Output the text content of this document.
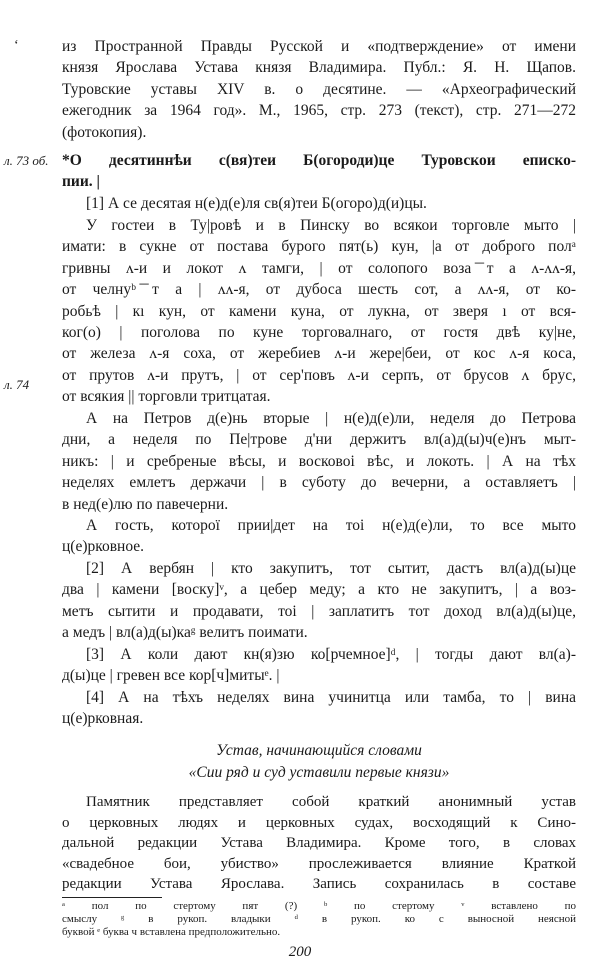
‘	из Пространной Правды Русской и «подтверждение» от имени
князя Ярослава Устава князя Владимира. Публ.: Я. Н. Щапов.
Туровские уставы XIV в. о десятине. — «Археографический
ежегодник за 1964 год». М., 1965, стр. 273 (текст), стр. 271—272
(фотокопия).
л. 73 об.
л. 74
*О десятиннѣи с(вя)теи Б(огороди)це Туровскои еписко-
пии. |
[1] А се десятая н(е)д(е)ля св(я)теи Б(огоро)д(и)цы.
У гостеи в Ту|ровѣ и в Пинску во всякои торговле мыто |
имати: в сукне от постава бурого пят(ь) кун, |а от доброго полᵃ
гривны ʌ-и и локот ʌ тамги, | от солопого воза ͞т а ʌ-ʌʌ-я,
от челнуᵇ ͞т а | ʌʌ-я, от дубоса шесть сот, а ʌʌ-я, от ко-
робьѣ | кı кун, от камени куна, от лукна, от зверя ı от вся-
ког(о) | поголова по куне торговалнаго, от гостя двѣ ку|не,
от железа ʌ-я соха, от жеребиев ʌ-и жере|беи, от кос ʌ-я коса,
от прутов ʌ-и прутъ, | от сер'повъ ʌ-и серпъ, от брусов ʌ брус,
от всякия || торговли тритцатая.
А на Петров д(е)нь вторые | н(е)д(е)ли, неделя до Петрова
дни, а неделя по Пе|трове д'ни держитъ вл(а)д(ы)ч(е)нъ мыт-
никъ: | и сребреные вѣсы, и восковоі вѣс, и локоть. | А на тѣх
неделях емлетъ держачи | в суботу до вечерни, а оставляетъ |
в нед(е)лю по павечерни.
А гость, которої прии|дет на тоі н(е)д(е)ли, то все мыто
ц(е)рковное.
[2] А вербян | кто закупитъ, тот сытит, дастъ вл(а)д(ы)це
два | камени [воску]ᵛ, а цебер меду; а кто не закупитъ, | а воз-
метъ сытити и продавати, тоі | заплатитъ тот доход вл(а)д(ы)це,
а медъ | вл(а)д(ы)каᵍ велитъ поимати.
[3] А коли дают кн(я)зю ко[рчемное]ᵈ, | тогды дают вл(а)-
д(ы)це | гревен все кор[ч]митыᵉ. |
[4] А на тѣхъ неделях вина учинитца или тамба, то | вина
ц(е)рковная.
Устав, начинающийся словами
«Сии ряд и суд уставили первые князи»
Памятник представляет собой краткий анонимный устав
о церковных людях и церковных судах, восходящий к Сино-
дальной редакции Устава Владимира. Кроме того, в словах
«свадебное бои, убиство» прослеживается влияние Краткой
редакции Устава Ярослава. Запись сохранилась в составе
ᵃ пол по стертому пят (?) ᵇ по стертому ᵛ вставлено по
смыслу ᵍ в рукоп. владыки ᵈ в рукоп. ко с выносной неясной
буквой ᵉ буква ч вставлена предположительно.
200
